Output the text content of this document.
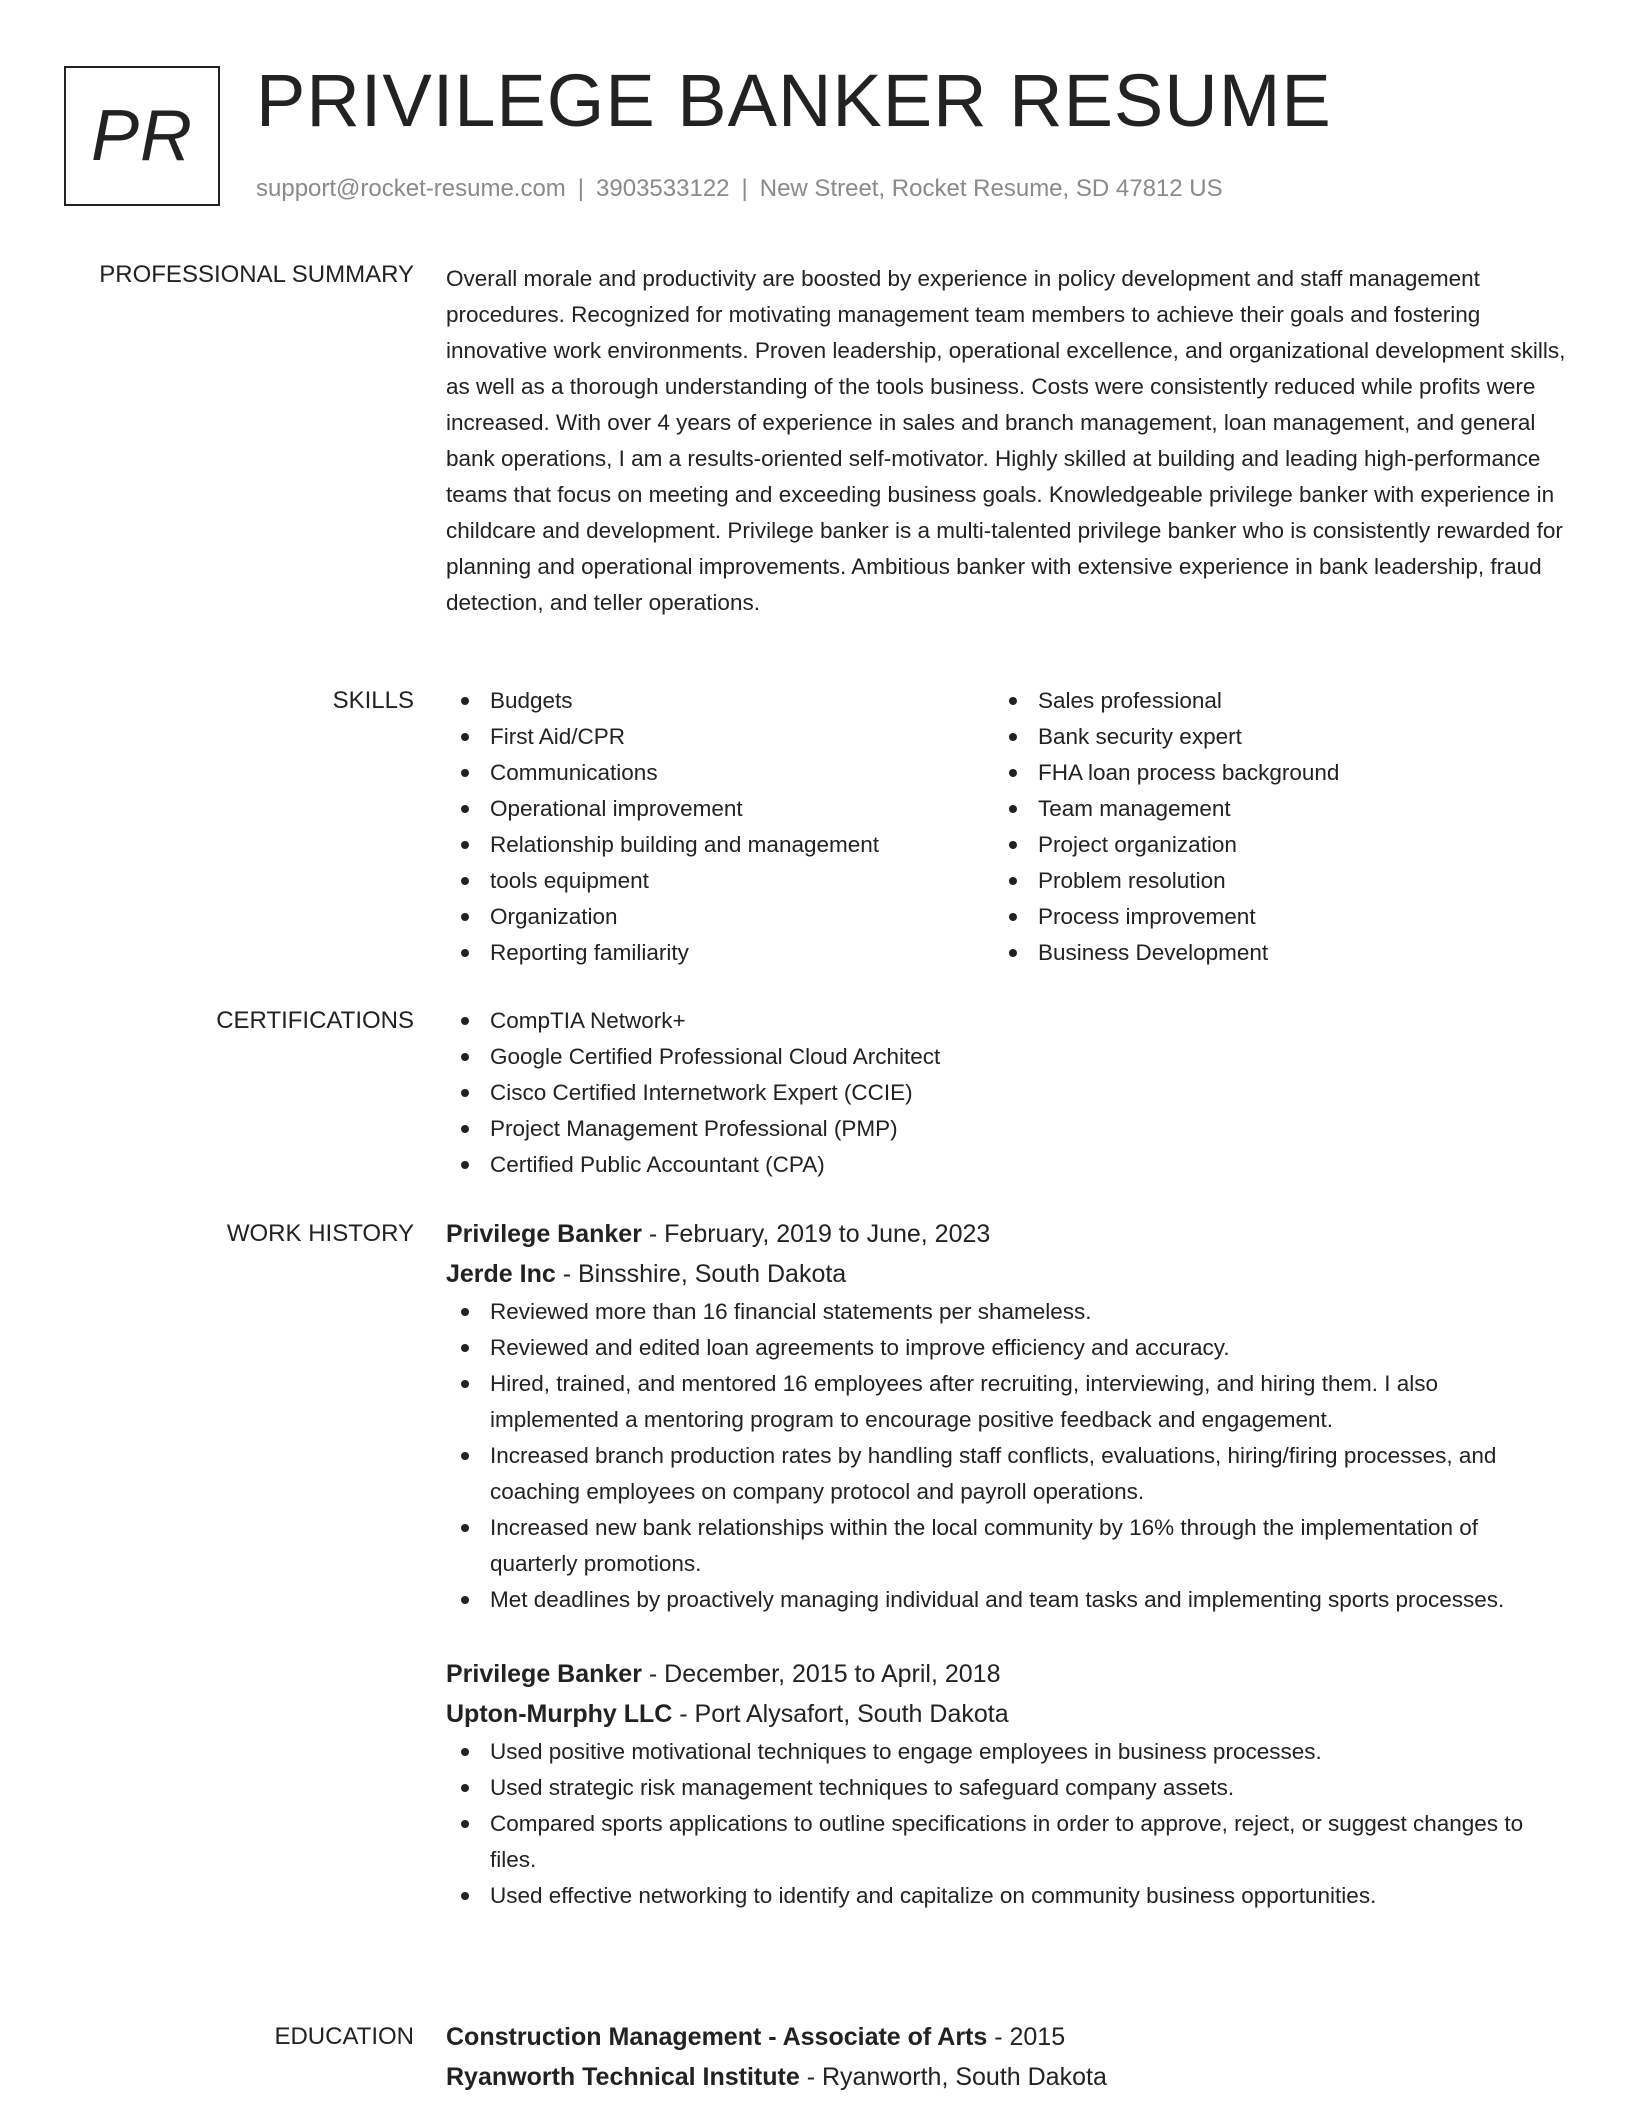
PR PRIVILEGE BANKER RESUME
support@rocket-resume.com | 3903533122 | New Street, Rocket Resume, SD 47812 US
PROFESSIONAL SUMMARY Overall morale and productivity are boosted by experience in policy development and staff management procedures. Recognized for motivating management team members to achieve their goals and fostering innovative work environments. Proven leadership, operational excellence, and organizational development skills, as well as a thorough understanding of the tools business. Costs were consistently reduced while profits were increased. With over 4 years of experience in sales and branch management, loan management, and general bank operations, I am a results-oriented self-motivator. Highly skilled at building and leading high-performance teams that focus on meeting and exceeding business goals. Knowledgeable privilege banker with experience in childcare and development. Privilege banker is a multi-talented privilege banker who is consistently rewarded for planning and operational improvements. Ambitious banker with extensive experience in bank leadership, fraud detection, and teller operations.

SKILLS	Budgets
First Aid/CPR
Communications
Operational improvement
Relationship building and management
tools equipment
Organization
Reporting familiarity
Sales professional
Bank security expert
FHA loan process background
Team management
Project organization
Problem resolution
Process improvement
Business Development
CERTIFICATIONS	CompTIA Network+
Google Certified Professional Cloud Architect
Cisco Certified Internetwork Expert (CCIE)
Project Management Professional (PMP)
Certified Public Accountant (CPA)
WORK HISTORY Privilege Banker - February, 2019 to June, 2023
Jerde Inc - Binsshire, South Dakota
Reviewed more than 16 financial statements per shameless.
Reviewed and edited loan agreements to improve efficiency and accuracy.
Hired, trained, and mentored 16 employees after recruiting, interviewing, and hiring them. I also implemented a mentoring program to encourage positive feedback and engagement.
Increased branch production rates by handling staff conflicts, evaluations, hiring/firing processes, and coaching employees on company protocol and payroll operations.
Increased new bank relationships within the local community by 16% through the implementation of quarterly promotions.
Met deadlines by proactively managing individual and team tasks and implementing sports processes.
Privilege Banker - December, 2015 to April, 2018
Upton-Murphy LLC - Port Alysafort, South Dakota
Used positive motivational techniques to engage employees in business processes.
Used strategic risk management techniques to safeguard company assets.
Compared sports applications to outline specifications in order to approve, reject, or suggest changes to files.
Used effective networking to identify and capitalize on community business opportunities.
EDUCATION Construction Management - Associate of Arts - 2015
Ryanworth Technical Institute - Ryanworth, South Dakota
